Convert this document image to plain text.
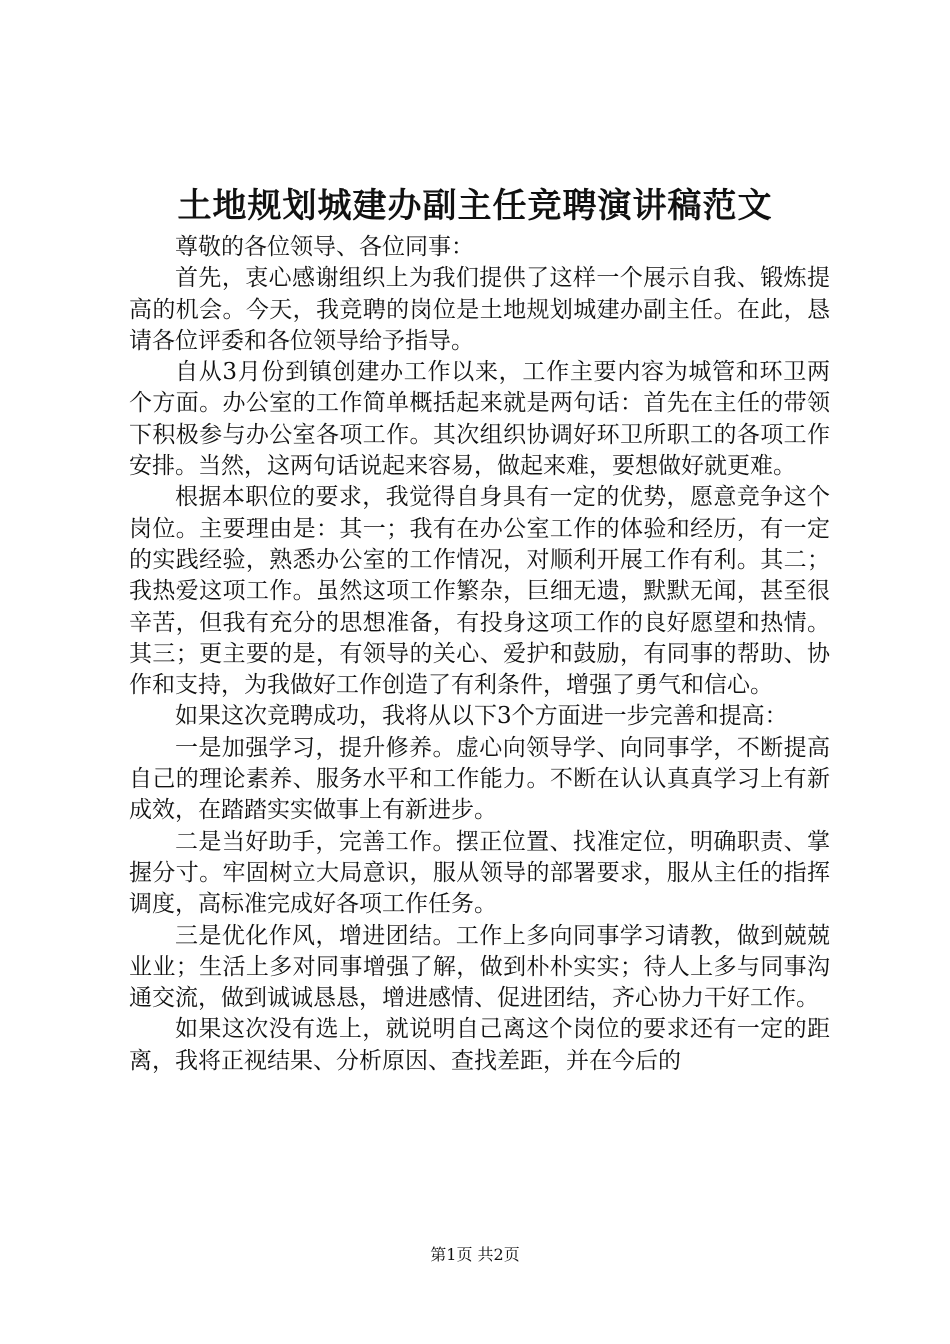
土地规划城建办副主任竞聘演讲稿范文

尊敬的各位领导、各位同事：

首先，衷心感谢组织上为我们提供了这样一个展示自我、锻炼提高的机会。今天，我竞聘的岗位是土地规划城建办副主任。在此，恳请各位评委和各位领导给予指导。

自从3月份到镇创建办工作以来，工作主要内容为城管和环卫两个方面。办公室的工作简单概括起来就是两句话：首先在主任的带领下积极参与办公室各项工作。其次组织协调好环卫所职工的各项工作安排。当然，这两句话说起来容易，做起来难，要想做好就更难。

根据本职位的要求，我觉得自身具有一定的优势，愿意竞争这个岗位。主要理由是：其一；我有在办公室工作的体验和经历，有一定的实践经验，熟悉办公室的工作情况，对顺利开展工作有利。其二；我热爱这项工作。虽然这项工作繁杂，巨细无遗，默默无闻，甚至很辛苦，但我有充分的思想准备，有投身这项工作的良好愿望和热情。其三；更主要的是，有领导的关心、爱护和鼓励，有同事的帮助、协作和支持，为我做好工作创造了有利条件，增强了勇气和信心。

如果这次竞聘成功，我将从以下3个方面进一步完善和提高：

一是加强学习，提升修养。虚心向领导学、向同事学，不断提高自己的理论素养、服务水平和工作能力。不断在认认真真学习上有新成效，在踏踏实实做事上有新进步。

二是当好助手，完善工作。摆正位置、找准定位，明确职责、掌握分寸。牢固树立大局意识，服从领导的部署要求，服从主任的指挥调度，高标准完成好各项工作任务。

三是优化作风，增进团结。工作上多向同事学习请教，做到兢兢业业；生活上多对同事增强了解，做到朴朴实实；待人上多与同事沟通交流，做到诚诚恳恳，增进感情、促进团结，齐心协力干好工作。

如果这次没有选上，就说明自己离这个岗位的要求还有一定的距离，我将正视结果、分析原因、查找差距，并在今后的

第1页 共2页
